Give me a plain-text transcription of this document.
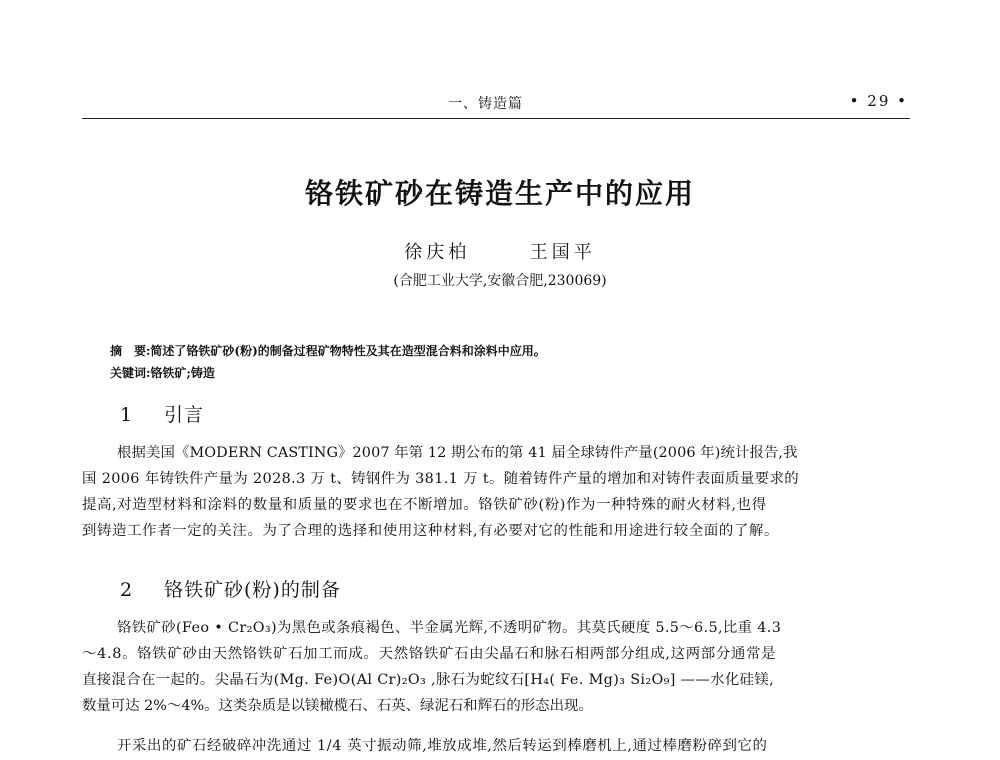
一、铸造篇	• 29 •
铬铁矿砂在铸造生产中的应用
徐庆柏	王国平
(合肥工业大学,安徽合肥,230069)
摘　要:简述了铬铁矿砂(粉)的制备过程矿物特性及其在造型混合料和涂料中应用。
关键词:铬铁矿;铸造
1 引言
根据美国《MODERN CASTING》2007 年第 12 期公布的第 41 届全球铸件产量(2006 年)统计报告,我
国 2006 年铸铁件产量为 2028.3 万 t、铸钢件为 381.1 万 t。随着铸件产量的增加和对铸件表面质量要求的
提高,对造型材料和涂料的数量和质量的要求也在不断增加。铬铁矿砂(粉)作为一种特殊的耐火材料,也得
到铸造工作者一定的关注。为了合理的选择和使用这种材料,有必要对它的性能和用途进行较全面的了解。
2 铬铁矿砂(粉)的制备
铬铁矿砂(Feo • Cr₂O₃)为黑色或条痕褐色、半金属光辉,不透明矿物。其莫氏硬度 5.5～6.5,比重 4.3
～4.8。铬铁矿砂由天然铬铁矿石加工而成。天然铬铁矿石由尖晶石和脉石相两部分组成,这两部分通常是
直接混合在一起的。尖晶石为(Mg. Fe)O(Al Cr)₂O₃ ,脉石为蛇纹石[H₄( Fe. Mg)₃ Si₂O₉] ——水化硅镁,
数量可达 2%～4%。这类杂质是以镁橄榄石、石英、绿泥石和辉石的形态出现。
开采出的矿石经破碎冲洗通过 1/4 英寸振动筛,堆放成堆,然后转运到棒磨机上,通过棒磨粉碎到它的
